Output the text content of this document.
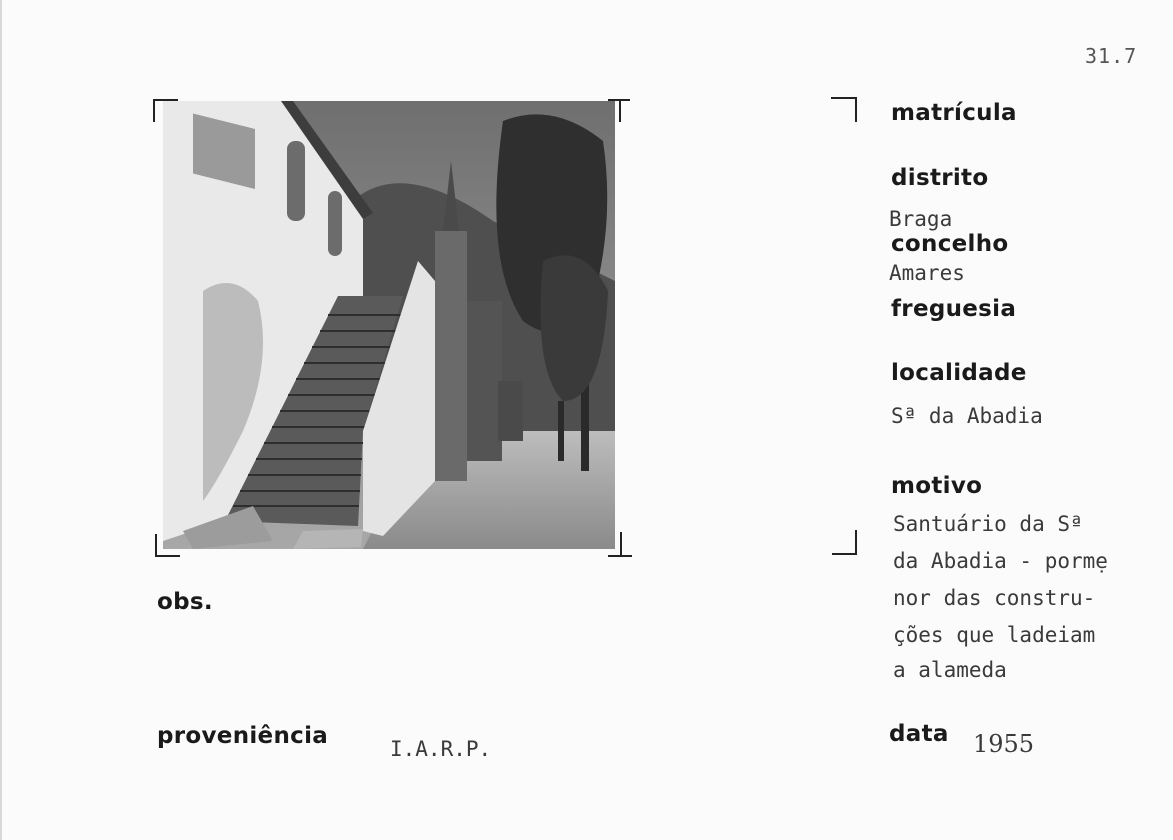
31.7
matrícula
distrito
Braga
concelho
Amares
freguesia
localidade
Sª da Abadia
motivo
Santuário da Sª
da Abadia - pormẹ
nor das constru-
ções que ladeiam
a alameda
data 1955
obs.
proveniência	I.A.R.P.
